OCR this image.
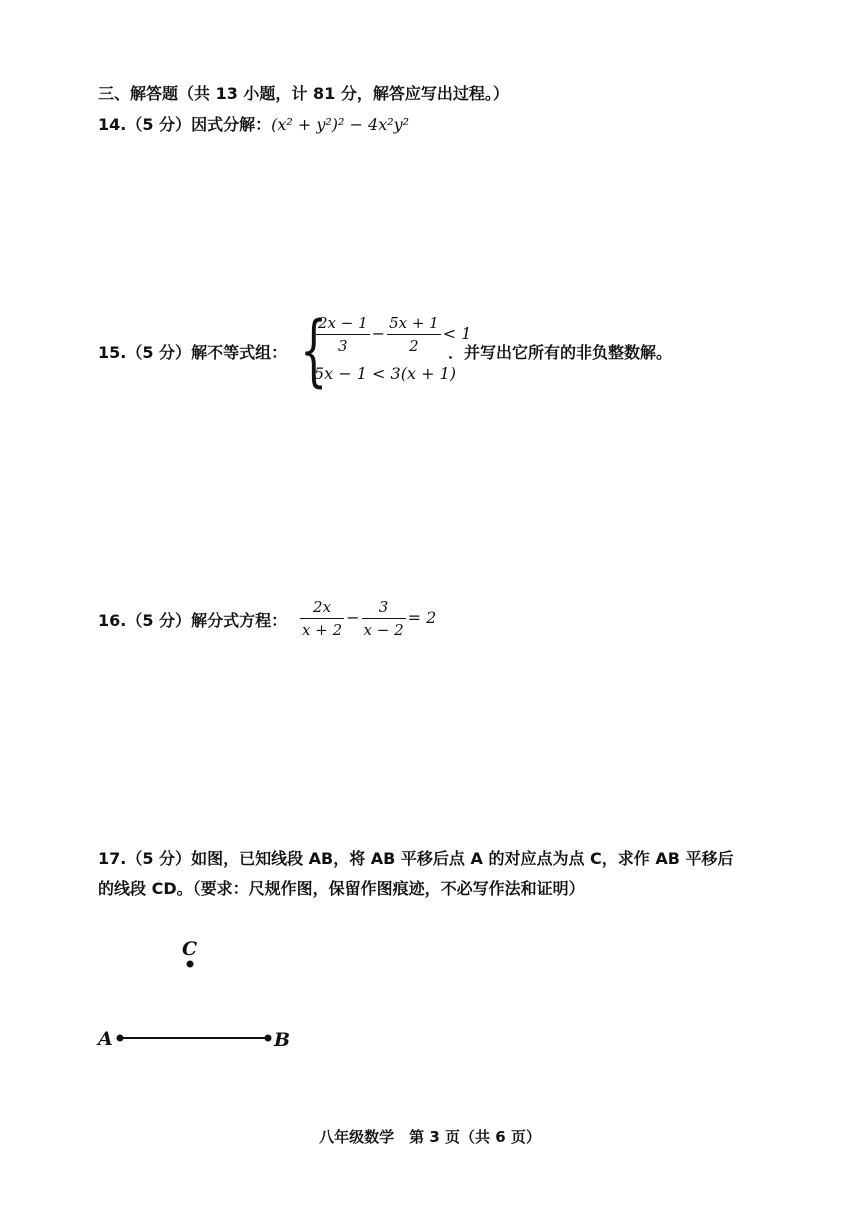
三、解答题（共 13 小题，计 81 分，解答应写出过程。）
14.（5 分）因式分解：(x² + y²)² − 4x²y²
15.（5 分）解不等式组： {
$\frac{2x - 1}{3} - \frac{5x + 1}{2} < 1$
5x − 1 < 3(x + 1)
．并写出它所有的非负整数解。
16.（5 分）解分式方程： $\frac{2x}{x + 2} - \frac{3}{x - 2} = 2$
17.（5 分）如图，已知线段 AB，将 AB 平移后点 A 的对应点为点 C，求作 AB 平移后
的线段 CD。（要求：尺规作图，保留作图痕迹，不必写作法和证明）
C
A	B
八年级数学　第 3 页（共 6 页）
